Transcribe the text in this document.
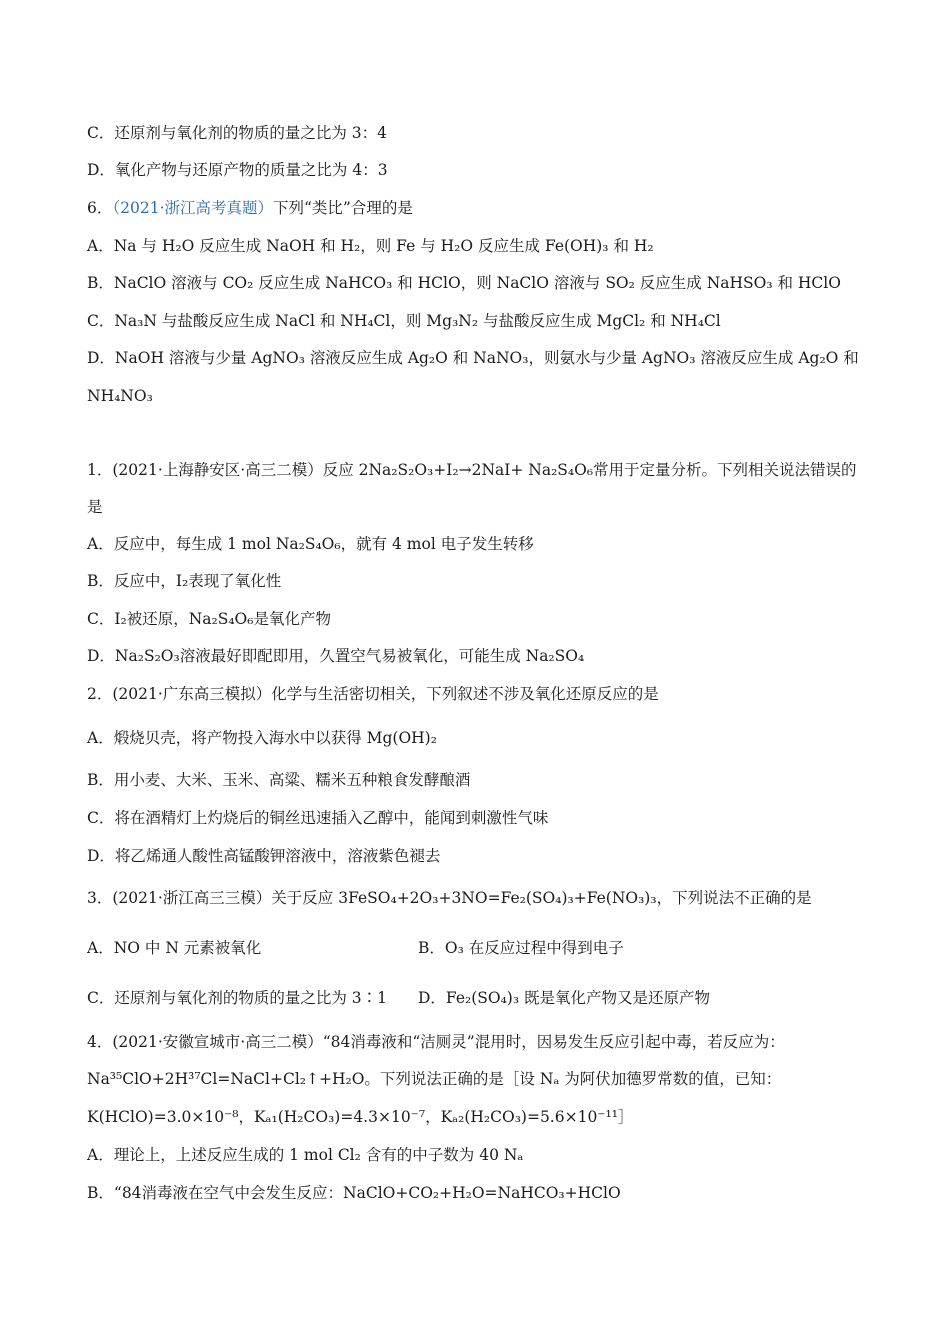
C．还原剂与氧化剂的物质的量之比为 3：4
D．氧化产物与还原产物的质量之比为 4：3
6．（2021·浙江高考真题）下列“类比”合理的是
A．Na 与 H₂O 反应生成 NaOH 和 H₂，则 Fe 与 H₂O 反应生成 Fe(OH)₃ 和 H₂
B．NaClO 溶液与 CO₂ 反应生成 NaHCO₃ 和 HClO，则 NaClO 溶液与 SO₂ 反应生成 NaHSO₃ 和 HClO
C．Na₃N 与盐酸反应生成 NaCl 和 NH₄Cl，则 Mg₃N₂ 与盐酸反应生成 MgCl₂ 和 NH₄Cl
D．NaOH 溶液与少量 AgNO₃ 溶液反应生成 Ag₂O 和 NaNO₃，则氨水与少量 AgNO₃ 溶液反应生成 Ag₂O 和
NH₄NO₃
1．(2021·上海静安区·高三二模）反应 2Na₂S₂O₃+I₂→2NaI+ Na₂S₄O₆常用于定量分析。下列相关说法错误的
是
A．反应中，每生成 1 mol Na₂S₄O₆，就有 4 mol 电子发生转移
B．反应中，I₂表现了氧化性
C．I₂被还原，Na₂S₄O₆是氧化产物
D．Na₂S₂O₃溶液最好即配即用，久置空气易被氧化，可能生成 Na₂SO₄
2．(2021·广东高三模拟）化学与生活密切相关，下列叙述不涉及氧化还原反应的是
A．煅烧贝壳，将产物投入海水中以获得 Mg(OH)₂
B．用小麦、大米、玉米、高粱、糯米五种粮食发酵酿酒
C．将在酒精灯上灼烧后的铜丝迅速插入乙醇中，能闻到刺激性气味
D．将乙烯通人酸性高锰酸钾溶液中，溶液紫色褪去
3．(2021·浙江高三三模）关于反应 3FeSO₄+2O₃+3NO=Fe₂(SO₄)₃+Fe(NO₃)₃，下列说法不正确的是
A．NO 中 N 元素被氧化	B．O₃ 在反应过程中得到电子
C．还原剂与氧化剂的物质的量之比为 3∶1 D．Fe₂(SO₄)₃ 既是氧化产物又是还原产物
4．(2021·安徽宣城市·高三二模）“84消毒液和“洁厕灵”混用时，因易发生反应引起中毒，若反应为：
Na³⁵ClO+2H³⁷Cl=NaCl+Cl₂↑+H₂O。下列说法正确的是［设 Nₐ 为阿伏加德罗常数的值，已知：
K(HClO)=3.0×10⁻⁸，Kₐ₁(H₂CO₃)=4.3×10⁻⁷，Kₐ₂(H₂CO₃)=5.6×10⁻¹¹］
A．理论上，上述反应生成的 1 mol Cl₂ 含有的中子数为 40 Nₐ
B．“84消毒液在空气中会发生反应：NaClO+CO₂+H₂O=NaHCO₃+HClO
